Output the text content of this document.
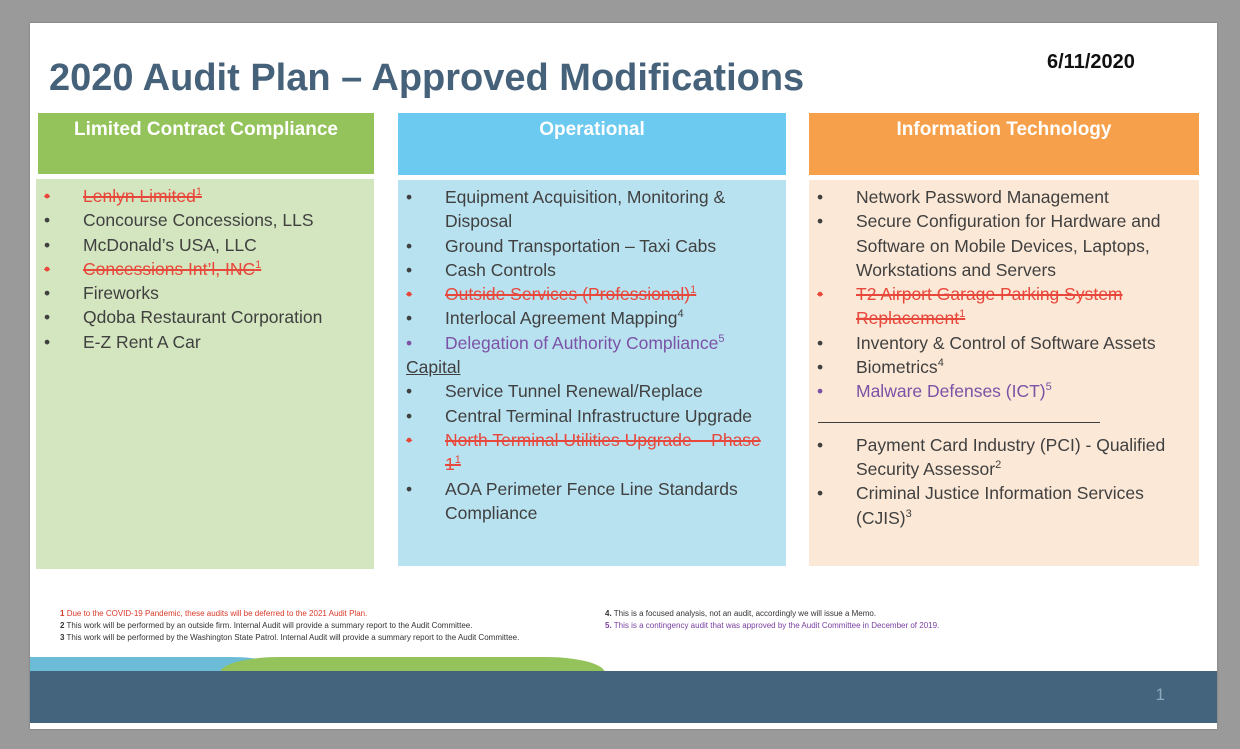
2020 Audit Plan – Approved Modifications	6/11/2020
Limited Contract Compliance
• Lenlyn Limited$^1$
• Concourse Concessions, LLS
• McDonald’s USA, LLC
• Concessions Int’l, INC$^1$
• Fireworks
• Qdoba Restaurant Corporation
• E-Z Rent A Car
Operational
• Equipment Acquisition, Monitoring & Disposal
• Ground Transportation – Taxi Cabs
• Cash Controls
• Outside Services (Professional)$^1$
• Interlocal Agreement Mapping$^4$
• Delegation of Authority Compliance$^5$
Capital
• Service Tunnel Renewal/Replace
• Central Terminal Infrastructure Upgrade
• North Terminal Utilities Upgrade – Phase $1^1$
• AOA Perimeter Fence Line Standards Compliance
Information Technology
• Network Password Management
• Secure Configuration for Hardware and Software on Mobile Devices, Laptops, Workstations and Servers
• T2 Airport Garage Parking System Replacement$^1$
• Inventory & Control of Software Assets
• Biometrics$^4$
• Malware Defenses (ICT)$^5$
• Payment Card Industry (PCI) - Qualified Security Assessor$^2$
• Criminal Justice Information Services (CJIS)$^3$
1 Due to the COVID-19 Pandemic, these audits will be deferred to the 2021 Audit Plan.
2 This work will be performed by an outside firm. Internal Audit will provide a summary report to the Audit Committee.
3 This work will be performed by the Washington State Patrol. Internal Audit will provide a summary report to the Audit Committee.
4. This is a focused analysis, not an audit, accordingly we will issue a Memo.
5. This is a contingency audit that was approved by the Audit Committee in December of 2019.
1
